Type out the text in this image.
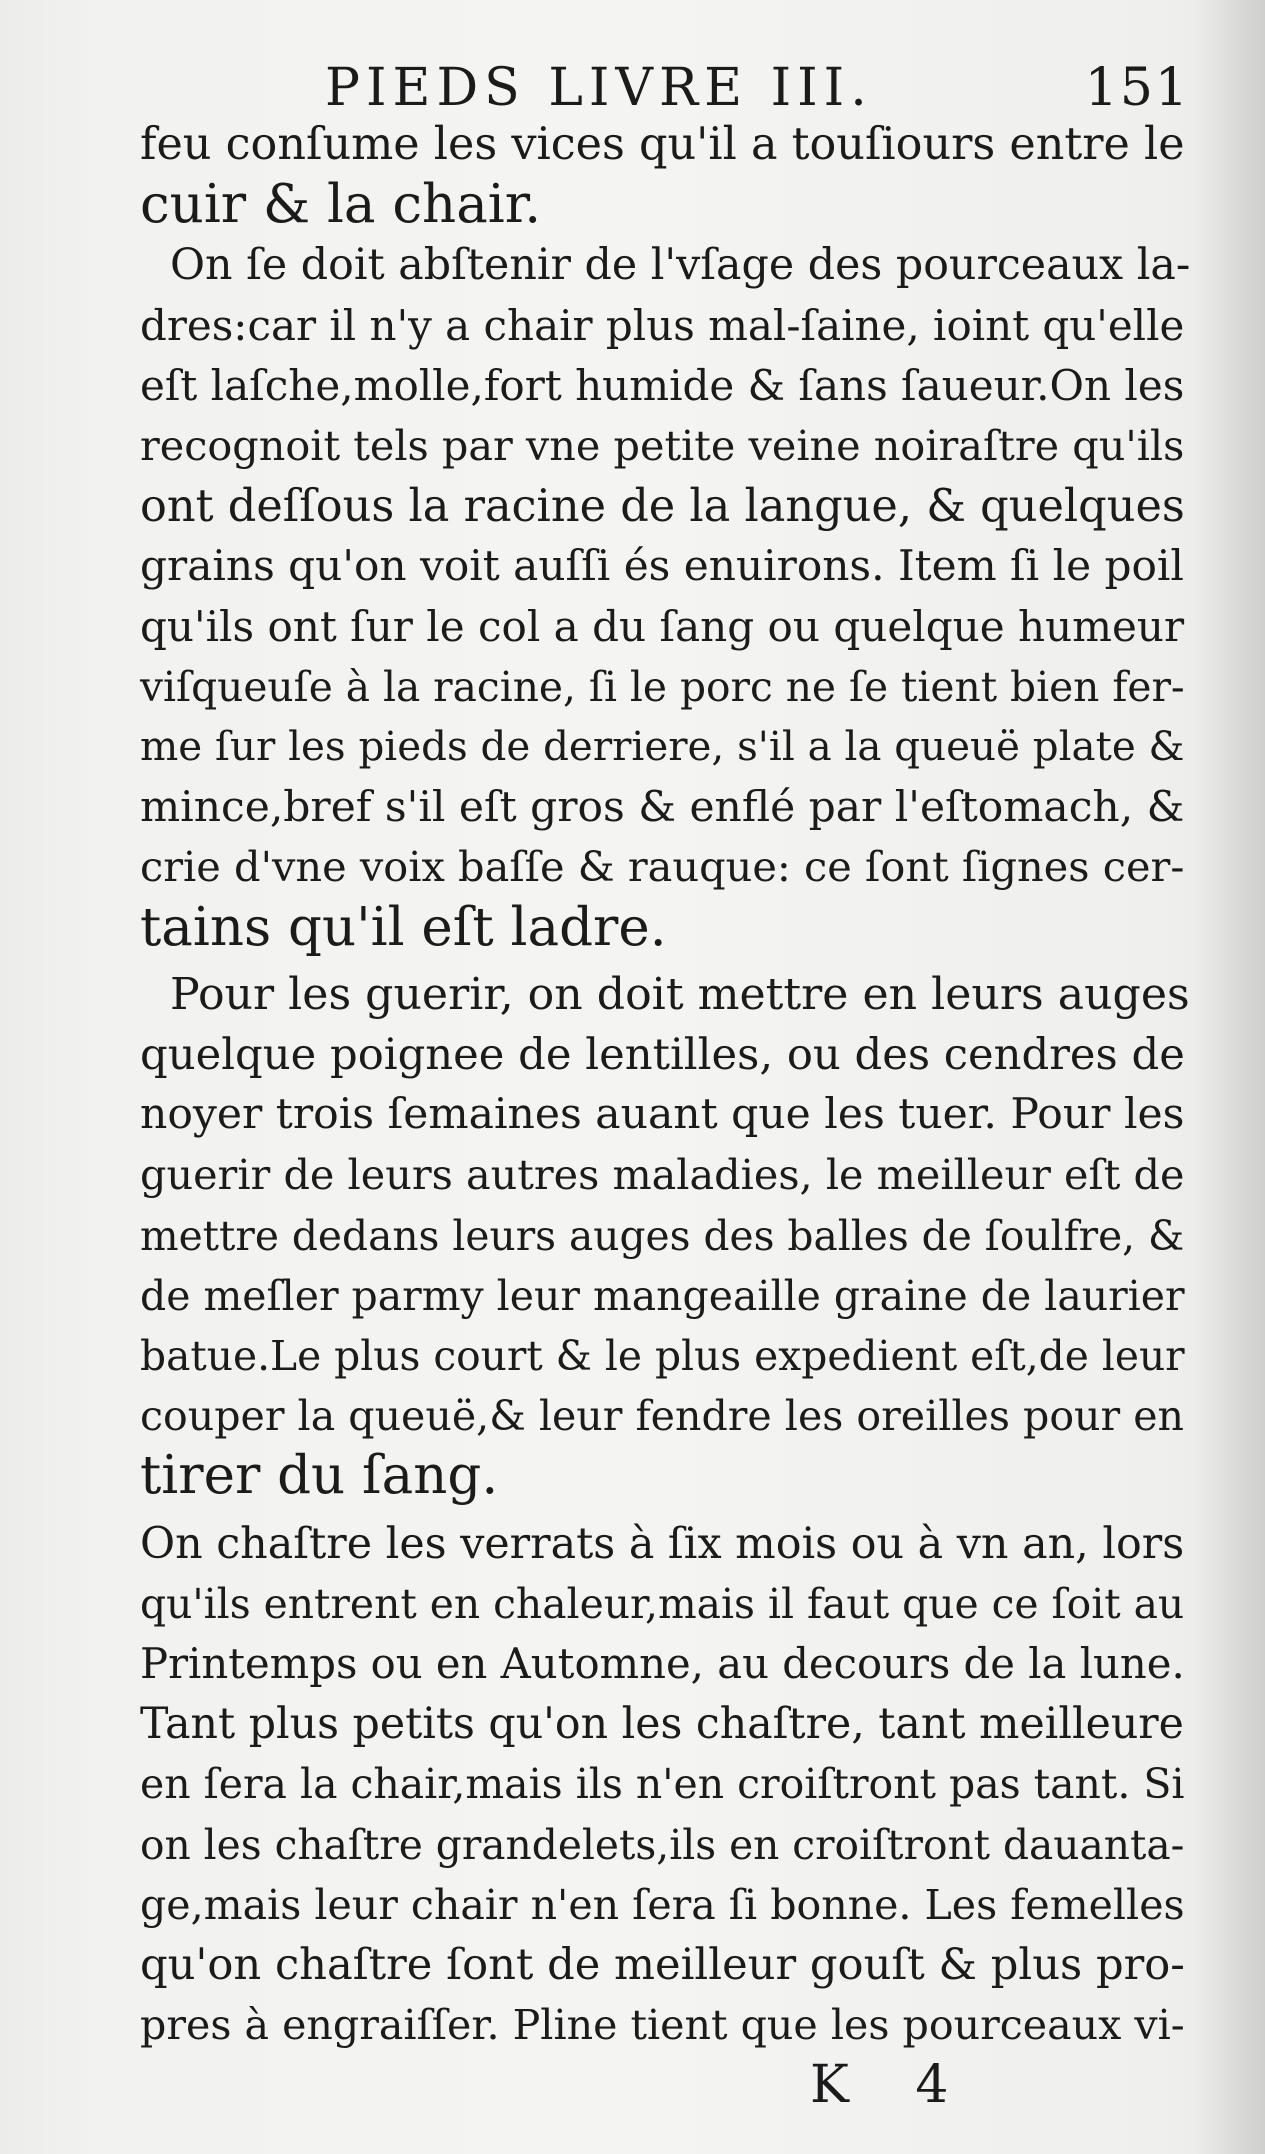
PIEDS LIVRE III.	151

feu conſume les vices qu'il a touſiours entre le
cuir & la chair.

On ſe doit abſtenir de l'vſage des pourceaux la-
dres:car il n'y a chair plus mal-ſaine, ioint qu'elle
eſt laſche,molle,fort humide & ſans ſaueur.On les
recognoit tels par vne petite veine noiraſtre qu'ils
ont deſſous la racine de la langue, & quelques
grains qu'on voit auſſi és enuirons. Item ſi le poil
qu'ils ont ſur le col a du ſang ou quelque humeur
viſqueuſe à la racine, ſi le porc ne ſe tient bien fer-
me ſur les pieds de derriere, s'il a la queuë plate &
mince,bref s'il eſt gros & enflé par l'eſtomach, &
crie d'vne voix baſſe & rauque: ce ſont ſignes cer-
tains qu'il eſt ladre.

Pour les guerir, on doit mettre en leurs auges
quelque poignee de lentilles, ou des cendres de
noyer trois ſemaines auant que les tuer. Pour les
guerir de leurs autres maladies, le meilleur eſt de
mettre dedans leurs auges des balles de ſoulfre, &
de meſler parmy leur mangeaille graine de laurier
batue.Le plus court & le plus expedient eſt,de leur
couper la queuë,& leur fendre les oreilles pour en
tirer du ſang.

On chaſtre les verrats à ſix mois ou à vn an, lors
qu'ils entrent en chaleur,mais il faut que ce ſoit au
Printemps ou en Automne, au decours de la lune.
Tant plus petits qu'on les chaſtre, tant meilleure
en ſera la chair,mais ils n'en croiſtront pas tant. Si
on les chaſtre grandelets,ils en croiſtront dauanta-
ge,mais leur chair n'en ſera ſi bonne. Les femelles
qu'on chaſtre ſont de meilleur gouſt & plus pro-
pres à engraiſſer. Pline tient que les pourceaux vi-

K 4
